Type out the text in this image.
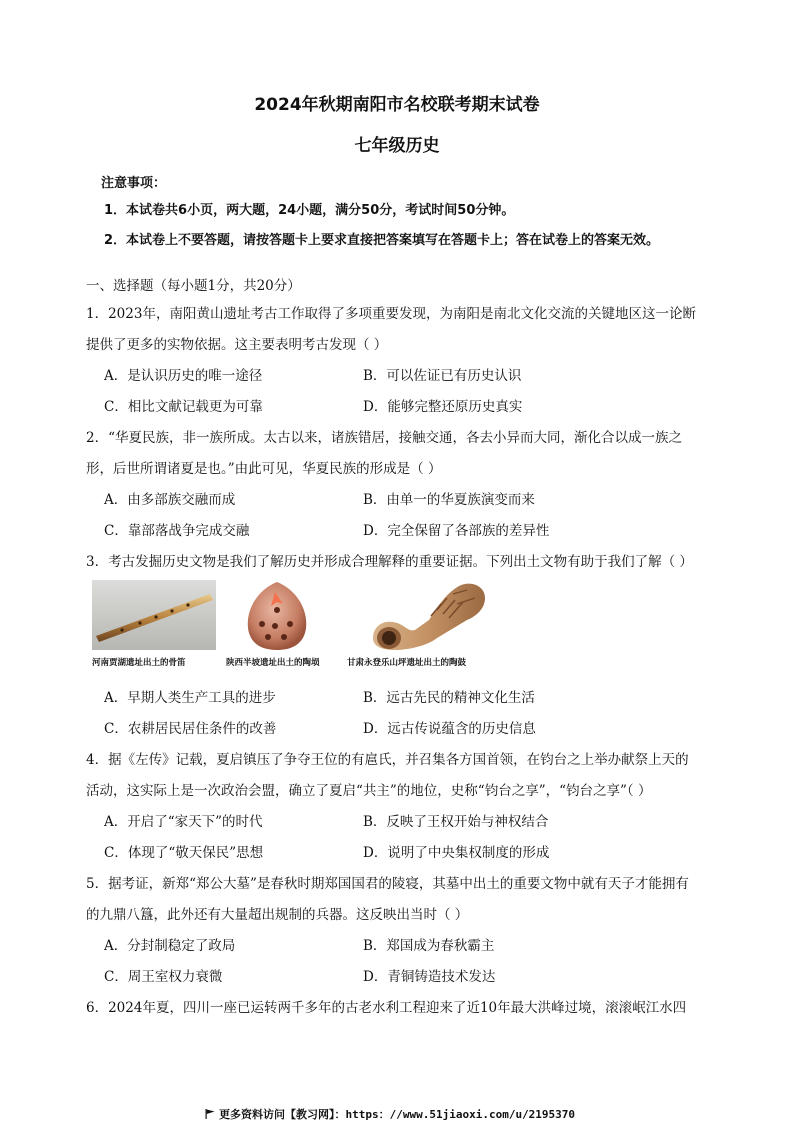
2024年秋期南阳市名校联考期末试卷
七年级历史
注意事项：
1．本试卷共6小页，两大题，24小题，满分50分，考试时间50分钟。
2．本试卷上不要答题，请按答题卡上要求直接把答案填写在答题卡上；答在试卷上的答案无效。
一、选择题（每小题1分，共20分）
1．2023年，南阳黄山遗址考古工作取得了多项重要发现，为南阳是南北文化交流的关键地区这一论断
提供了更多的实物依据。这主要表明考古发现（ ）
A．是认识历史的唯一途径	B．可以佐证已有历史认识
C．相比文献记载更为可靠	D．能够完整还原历史真实
2．“华夏民族，非一族所成。太古以来，诸族错居，接触交通，各去小异而大同，渐化合以成一族之
形，后世所谓诸夏是也。”由此可见，华夏民族的形成是（ ）
A．由多部族交融而成	B．由单一的华夏族演变而来
C．靠部落战争完成交融	D．完全保留了各部族的差异性
3．考古发掘历史文物是我们了解历史并形成合理解释的重要证据。下列出土文物有助于我们了解（ ）
河南贾湖遗址出土的骨笛	陕西半坡遗址出土的陶埙	甘肃永登乐山坪遗址出土的陶鼓
A．早期人类生产工具的进步	B．远古先民的精神文化生活
C．农耕居民居住条件的改善	D．远古传说蕴含的历史信息
4．据《左传》记载，夏启镇压了争夺王位的有扈氏，并召集各方国首领，在钧台之上举办献祭上天的
活动，这实际上是一次政治会盟，确立了夏启“共主”的地位，史称“钧台之享”，“钧台之享”（ ）
A．开启了“家天下”的时代	B．反映了王权开始与神权结合
C．体现了“敬天保民”思想	D．说明了中央集权制度的形成
5．据考证，新郑“郑公大墓”是春秋时期郑国国君的陵寝，其墓中出土的重要文物中就有天子才能拥有
的九鼎八簋，此外还有大量超出规制的兵器。这反映出当时（ ）
A．分封制稳定了政局	B．郑国成为春秋霸主
C．周王室权力衰微	D．青铜铸造技术发达
6．2024年夏，四川一座已运转两千多年的古老水利工程迎来了近10年最大洪峰过境，滚滚岷江水四
更多资料访问【教习网】：https：//www.51jiaoxi.com/u/2195370
